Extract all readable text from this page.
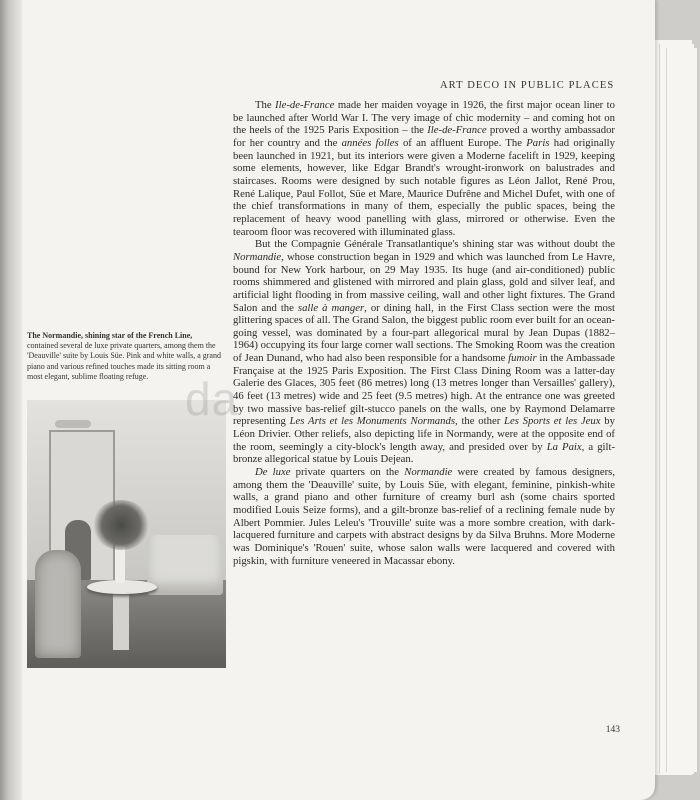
ART DECO IN PUBLIC PLACES
The Normandie, shining star of the French Line, contained several de luxe private quarters, among them the 'Deauville' suite by Louis Süe. Pink and white walls, a grand piano and various refined touches made its sitting room a most elegant, sublime floating refuge.

The Ile-de-France made her maiden voyage in 1926, the first major ocean liner to be launched after World War I. The very image of chic modernity – and coming hot on the heels of the 1925 Paris Exposition – the Ile-de-France proved a worthy ambassador for her country and the années folles of an affluent Europe. The Paris had originally been launched in 1921, but its interiors were given a Moderne facelift in 1929, keeping some elements, however, like Edgar Brandt's wrought-ironwork on balustrades and staircases. Rooms were designed by such notable figures as Léon Jallot, René Prou, René Lalique, Paul Follot, Süe et Mare, Maurice Dufrêne and Michel Dufet, with one of the chief transformations in many of them, especially the public spaces, being the replacement of heavy wood panelling with glass, mirrored or otherwise. Even the tearoom floor was recovered with illuminated glass.

But the Compagnie Générale Transatlantique's shining star was without doubt the Normandie, whose construction began in 1929 and which was launched from Le Havre, bound for New York harbour, on 29 May 1935. Its huge (and air-conditioned) public rooms shimmered and glistened with mirrored and plain glass, gold and silver leaf, and artificial light flooding in from massive ceiling, wall and other light fixtures. The Grand Salon and the salle à manger, or dining hall, in the First Class section were the most glittering spaces of all. The Grand Salon, the biggest public room ever built for an ocean-going vessel, was dominated by a four-part allegorical mural by Jean Dupas (1882–1964) occupying its four large corner wall sections. The Smoking Room was the creation of Jean Dunand, who had also been responsible for a handsome fumoir in the Ambassade Française at the 1925 Paris Exposition. The First Class Dining Room was a latter-day Galerie des Glaces, 305 feet (86 metres) long (13 metres longer than Versailles' gallery), 46 feet (13 metres) wide and 25 feet (9.5 metres) high. At the entrance one was greeted by two massive bas-relief gilt-stucco panels on the walls, one by Raymond Delamarre representing Les Arts et les Monuments Normands, the other Les Sports et les Jeux by Léon Drivier. Other reliefs, also depicting life in Normandy, were at the opposite end of the room, seemingly a city-block's length away, and presided over by La Paix, a gilt-bronze allegorical statue by Louis Dejean.

De luxe private quarters on the Normandie were created by famous designers, among them the 'Deauville' suite, by Louis Süe, with elegant, feminine, pinkish-white walls, a grand piano and other furniture of creamy burl ash (some chairs sported modified Louis Seize forms), and a gilt-bronze bas-relief of a reclining female nude by Albert Pommier. Jules Leleu's 'Trouville' suite was a more sombre creation, with dark-lacquered furniture and carpets with abstract designs by da Silva Bruhns. More Moderne was Dominique's 'Rouen' suite, whose salon walls were lacquered and covered with pigskin, with furniture veneered in Macassar ebony.

143
da
